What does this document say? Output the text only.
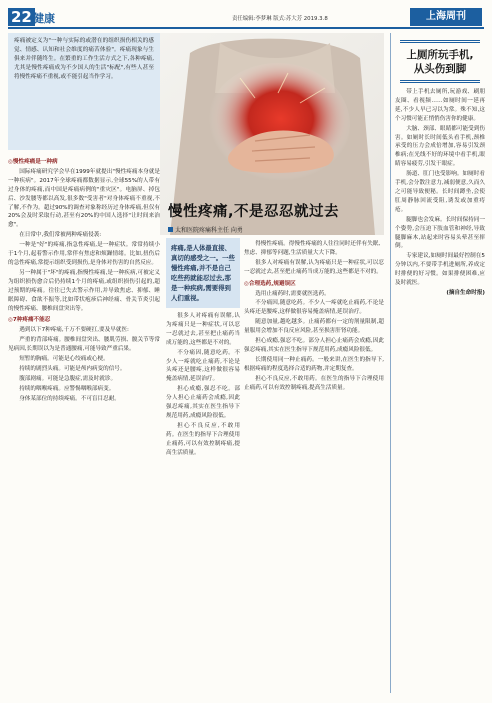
22 健康	责任编辑:李梦琳 版式:苏大芳 2019.3.8	上海周刊
疼痛被定义为"一种与实际的或潜在的组织损伤相关的感觉、情感、认知和社会维度的痛苦体验"。疼痛现象与生俱来并伴随终生。在繁重的工作生活方式之下,各种疼痛,尤其是慢性疼痛成为不少国人的生活"标配",有些人甚至将慢性疼痛不重视,或不能引起当作学习。
慢性疼痛,不是忍忍就过去
太和医院疼痛科主任 向勇
疼痛,是人体最直接、真切的感受之一。一些慢性疼痛,并不是自己吃些药就能忍过去,那是一种疾病,需要得到人们重视。

◎慢性疼痛是一种病

国际疼痛研究学会早在1999年就提出"慢性疼痛本身就是一种疾病"。2017年全球疼痛都数据显示,全球55%的人带有过身体的疼痛,而中国是疼痛病例的"重灾区"。电脑屏、掉包后、沙发腰等都以高发,很多数"受害者"对身体疼痛不重视,不了解,不作为。超过90%的调查对象称经历过身体疼痛,但仅有20%会及时采取行动,甚至有20%的中国人选择"让时间来治愈"。

在日常中,我们常被两种疼痛侵袭:

一种是"好"的疼痛,指急性疼痛,是一种症状。常常持续小于1个月,起着警示作用,常伴有焦虑和烦躁情绪。比如,扭伤后的急性疼痛,常提示组织受到损伤,是身体对伤害的自然反应。

另一种属于"坏"的疼痛,指慢性疼痛,是一种疾病,可被定义为组织损伤愈合后仍持续1个月的疼痛,或组织损伤引起的,超过预期的疼痛。往往已失去警示作用,并导致焦虑、抑郁、睡眠障碍、食欲不振等,比如带状疱疹后神经痛、骨关节炎引起的慢性疼痛、腰椎间盘突出等。

◎7种疼痛不能忍

遇到以下7种疼痛,千万不要硬扛,要及早就医:

严重的背部疼痛。腰椎间盘突出、腰肌劳损、髋关节等常见病因,长期误以为是普通腰痛,可能导致严重后果。

短暂的胸痛。可能是心绞痛或心梗。

持续的剧烈头痛。可能是颅内病变的信号。

腹部剧痛。可能是急腹症,需及时就诊。

持续的咽喉疼痛。应警惕咽喉部病变。

身体某部位的持续疼痛。不可盲目忍耐。

得慢性疼痛。得慢性疼痛的人往往同时还伴有失眠、焦虑、抑郁等问题,生活质量大大下降。

很多人对疼痛有误解,认为疼痛只是一种症状,可以忍一忍就过去,甚至把止痛药当成万能的,这些都是不对的。

◎合理选药,规避误区

选用止痛药时,需要就医选药。

不分痛因,随意吃药。不少人一疼就吃止痛药,不论是头疼还是腰疼,这样做很容易掩盖病情,延误治疗。

随意加量,越吃越多。止痛药都有一定的剂量限制,超量服用会增加不良反应风险,甚至损害肝肾功能。

担心成瘾,强忍不吃。部分人担心止痛药会成瘾,因此强忍疼痛,其实在医生指导下规范用药,成瘾风险很低。

长期使用同一种止痛药。一般来讲,在医生的指导下,根据疼痛的程度选择合适的药物,并定期复查。

担心不良反应,不敢用药。在医生的指导下合理使用止痛药,可以有效控制疼痛,提高生活质量。

很多人对疼痛有误解,认为疼痛只是一种症状,可以忍一忍就过去,甚至把止痛药当成万能的,这些都是不对的。

不分痛因,随意吃药。不少人一疼就吃止痛药,不论是头疼还是腰疼,这样做很容易掩盖病情,延误治疗。

担心成瘾,强忍不吃。部分人担心止痛药会成瘾,因此强忍疼痛,其实在医生指导下规范用药,成瘾风险很低。

担心不良反应,不敢用药。在医生的指导下合理使用止痛药,可以有效控制疼痛,提高生活质量。

上厕所玩手机,
从头伤到脚

带上手机去厕所,玩游戏、刷朋友圈、看视频……如厕时间一延再延,不少人早已习以为常。殊不知,这个习惯可能正悄悄伤害你的健康。

大脑、颈部、眼睛都可能受到伤害。如厕时长时间低头看手机,颈椎承受的压力会成倍增加,容易引发颈椎病;在光线不好的环境中看手机,眼睛容易疲劳,引发干眼症。

肠道、肛门也受影响。如厕时看手机,会分散注意力,减弱便意,久而久之可能导致便秘。长时间蹲坐,会使肛周静脉回流受阻,诱发或加重痔疮。

腿脚也会发麻。长时间保持同一个姿势,会压迫下肢血管和神经,导致腿脚麻木,站起来时容易头晕甚至摔倒。

专家建议,如厕时间最好控制在5分钟以内,不要带手机进厕所,养成定时排便的好习惯。如果排便困难,应及时就医。

(摘自生命时报)
